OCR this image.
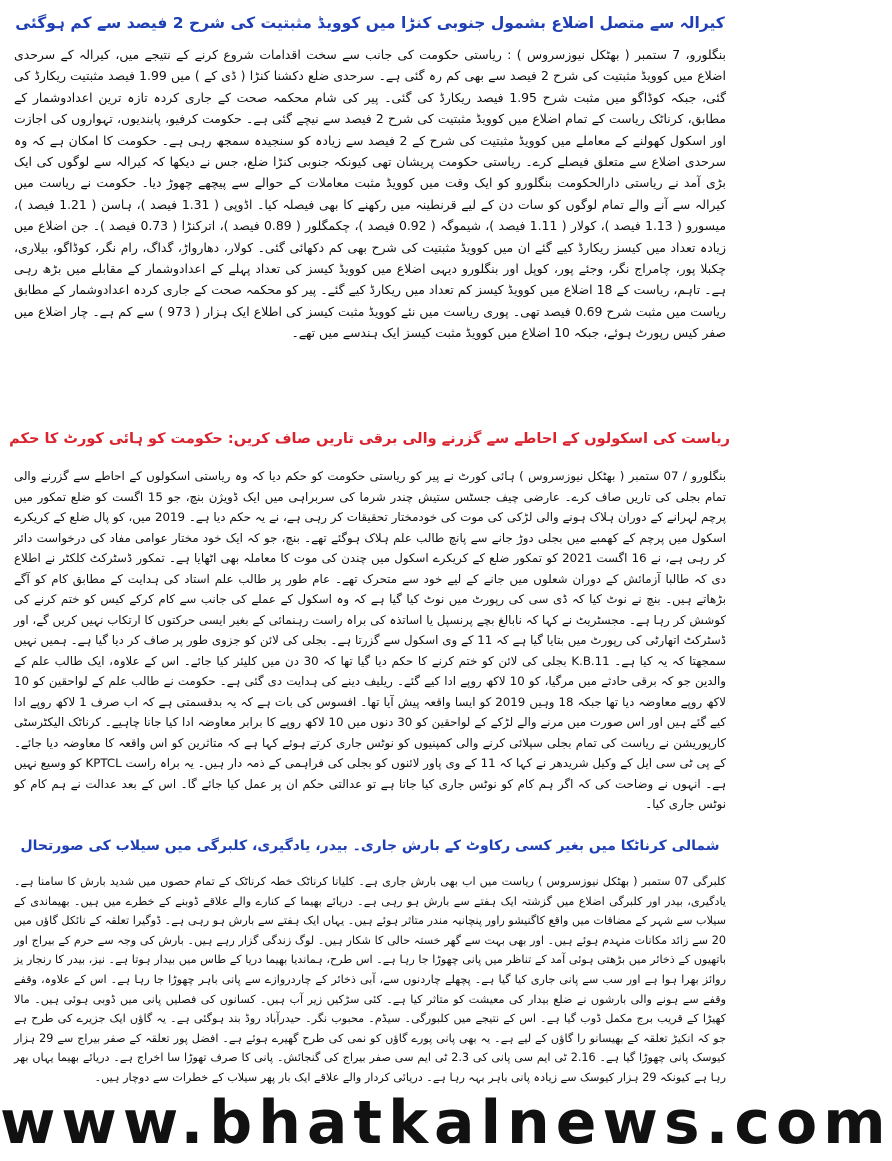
کیرالہ سے متصل اضلاع بشمول جنوبی کنڑا میں کوویڈ مثبتیت کی شرح 2 فیصد سے کم ہوگئی

بنگلورو، 7 ستمبر ( بھٹکل نیوزسروس ) : ریاستی حکومت کی جانب سے سخت اقدامات شروع کرنے کے نتیجے میں، کیرالہ کے سرحدی اضلاع میں کوویڈ مثبتیت کی شرح 2 فیصد سے بھی کم رہ گئی ہے۔ سرحدی ضلع دکشنا کنڑا ( ڈی کے ) میں 1.99 فیصد مثبتیت ریکارڈ کی گئی، جبکہ کوڈاگو میں مثبت شرح 1.95 فیصد ریکارڈ کی گئی۔ پیر کی شام محکمہ صحت کے جاری کردہ تازہ ترین اعدادوشمار کے مطابق، کرناٹک ریاست کے تمام اضلاع میں کوویڈ مثبتیت کی شرح 2 فیصد سے نیچے گئی ہے۔ حکومت کرفیو، پابندیوں، تہواروں کی اجازت اور اسکول کھولنے کے معاملے میں کوویڈ مثبتیت کی شرح کے 2 فیصد سے زیادہ کو سنجیدہ سمجھ رہی ہے۔ حکومت کا امکان ہے کہ وہ سرحدی اضلاع سے متعلق فیصلے کرے۔ ریاستی حکومت پریشان تھی کیونکہ جنوبی کنڑا ضلع، جس نے دیکھا کہ کیرالہ سے لوگوں کی ایک بڑی آمد نے ریاستی دارالحکومت بنگلورو کو ایک وقت میں کوویڈ مثبت معاملات کے حوالے سے پیچھے چھوڑ دیا۔ حکومت نے ریاست میں کیرالہ سے آنے والے تمام لوگوں کو سات دن کے لیے قرنطینہ میں رکھنے کا بھی فیصلہ کیا۔ اڈوپی ( 1.31 فیصد )، ہاسن ( 1.21 فیصد )، میسورو ( 1.13 فیصد )، کولار ( 1.11 فیصد )، شیموگہ ( 0.92 فیصد )، چکمگلور ( 0.89 فیصد )، اترکنڑا ( 0.73 فیصد )۔ جن اضلاع میں زیادہ تعداد میں کیسز ریکارڈ کیے گئے ان میں کوویڈ مثبتیت کی شرح بھی کم دکھائی گئی۔ کولار، دھارواڑ، گداگ، رام نگر، کوڈاگو، بیلاری، چکبلا پور، چامراج نگر، وجئے پور، کوپل اور بنگلورو دیہی اضلاع میں کوویڈ کیسز کی تعداد پہلے کے اعدادوشمار کے مقابلے میں بڑھ رہی ہے۔ تاہم، ریاست کے 18 اضلاع میں کوویڈ کیسز کم تعداد میں ریکارڈ کیے گئے۔ پیر کو محکمہ صحت کے جاری کردہ اعدادوشمار کے مطابق ریاست میں مثبت شرح 0.69 فیصد تھی۔ پوری ریاست میں نئے کوویڈ مثبت کیسز کی اطلاع ایک ہزار ( 973 ) سے کم ہے۔ چار اضلاع میں صفر کیس رپورٹ ہوئے، جبکہ 10 اضلاع میں کوویڈ مثبت کیسز ایک ہندسے میں تھے۔

ریاست کی اسکولوں کے احاطے سے گزرنے والی برقی تاریں صاف کریں: حکومت کو ہائی کورٹ کا حکم

بنگلورو / 07 ستمبر ( بھٹکل نیوزسروس ) ہائی کورٹ نے پیر کو ریاستی حکومت کو حکم دیا کہ وہ ریاستی اسکولوں کے احاطے سے گزرنے والی تمام بجلی کی تاریں صاف کرے۔ عارضی چیف جسٹس ستیش چندر شرما کی سربراہی میں ایک ڈویژن بنچ، جو 15 اگست کو ضلع تمکور میں پرچم لہرانے کے دوران ہلاک ہونے والی لڑکی کی موت کی خودمختار تحقیقات کر رہی ہے، نے یہ حکم دیا ہے۔ 2019 میں، کو پال ضلع کے کریکرے اسکول میں پرچم کے کھمبے میں بجلی دوڑ جانے سے پانچ طالب علم ہلاک ہوگئے تھے۔ بنچ، جو کہ ایک خود مختار عوامی مفاد کی درخواست دائر کر رہی ہے، نے 16 اگست 2021 کو تمکور ضلع کے کریکرے اسکول میں چندن کی موت کا معاملہ بھی اٹھایا ہے۔ تمکور ڈسٹرکٹ کلکٹر نے اطلاع دی کہ طالبا آزمائش کے دوران شعلوں میں جانے کے لیے خود سے متحرک تھے۔ عام طور پر طالب علم استاد کی ہدایت کے مطابق کام کو آگے بڑھاتے ہیں۔ بنچ نے نوٹ کیا کہ ڈی سی کی رپورٹ میں نوٹ کیا گیا ہے کہ وہ اسکول کے عملے کی جانب سے کام کرکے کیس کو ختم کرنے کی کوشش کر رہا ہے۔ مجسٹریٹ نے کہا کہ نابالغ بچے پرنسپل یا اساتذہ کی براہ راست رہنمائی کے بغیر ایسی حرکتوں کا ارتکاب نہیں کریں گے، اور ڈسٹرکٹ اتھارٹی کی رپورٹ میں بتایا گیا ہے کہ 11 کے وی اسکول سے گزرتا ہے۔ بجلی کی لائن کو جزوی طور پر صاف کر دیا گیا ہے۔ ہمیں نہیں سمجھتا کہ یہ کیا ہے۔ K.B.11 بجلی کی لائن کو ختم کرنے کا حکم دیا گیا تھا کہ 30 دن میں کلیئر کیا جائے۔ اس کے علاوہ، ایک طالب علم کے والدین جو کہ برقی حادثے میں مرگیا، کو 10 لاکھ روپے ادا کیے گئے۔ ریلیف دینے کی ہدایت دی گئی ہے۔ حکومت نے طالب علم کے لواحقین کو 10 لاکھ روپے معاوضہ دیا تھا جبکہ 18 وہیں 2019 کو ایسا واقعہ پیش آیا تھا۔ افسوس کی بات ہے کہ یہ بدقسمتی ہے کہ اب صرف 1 لاکھ روپے ادا کیے گئے ہیں اور اس صورت میں مرنے والے لڑکے کے لواحقین کو 30 دنوں میں 10 لاکھ روپے کا برابر معاوضہ ادا کیا جانا چاہیے۔ کرناٹک الیکٹرسٹی کارپوریشن نے ریاست کی تمام بجلی سپلائی کرنے والی کمپنیوں کو نوٹس جاری کرتے ہوئے کہا ہے کہ متاثرین کو اس واقعہ کا معاوضہ دیا جائے۔ کے پی ٹی سی ایل کے وکیل شریدھر نے کہا کہ 11 کے وی پاور لائنوں کو بجلی کی فراہمی کے ذمہ دار ہیں۔ یہ براہ راست KPTCL کو وسیع نہیں ہے۔ انہوں نے وضاحت کی کہ اگر ہم کام کو نوٹس جاری کیا جاتا ہے تو عدالتی حکم ان پر عمل کیا جائے گا۔ اس کے بعد عدالت نے ہم کام کو نوٹس جاری کیا۔

شمالی کرناٹکا میں بغیر کسی رکاوٹ کے بارش جاری۔ بیدر، یادگیری، کلبرگی میں سیلاب کی صورتحال

کلبرگی 07 ستمبر ( بھٹکل نیوزسروس ) ریاست میں اب بھی بارش جاری ہے۔ کلیانا کرناٹک خطہ کرناٹک کے تمام حصوں میں شدید بارش کا سامنا ہے۔ یادگیری، بیدر اور کلبرگی اضلاع میں گزشتہ ایک ہفتے سے بارش ہو رہی ہے۔ دریائے بھیما کے کنارے والے علاقے ڈوبنے کے خطرے میں ہیں۔ بھیماندی کے سیلاب سے شہر کے مضافات میں واقع کاگنیشو راور پنچانیہ مندر متاثر ہوئے ہیں۔ یہاں ایک ہفتے سے بارش ہو رہی ہے۔ ڈوگیرا تعلقہ کے نائکل گاؤں میں 20 سے زائد مکانات منہدم ہوئے ہیں۔ اور بھی بہت سے گھر خستہ حالی کا شکار ہیں۔ لوگ زندگی گزار رہے ہیں۔ بارش کی وجہ سے حرم کے بیراج اور باتھیوں کے ذخائر میں بڑھتی ہوئی آمد کے تناظر میں پانی چھوڑا جا رہا ہے۔ اس طرح، ہماندیا بھیما دریا کے طاس میں بیدار ہوتا ہے۔ نیز، بیدر کا رنجار یز روائز بھرا ہوا ہے اور سب سے پانی جاری کیا گیا ہے۔ پچھلے چاردنوں سے، آبی ذخائر کے چاردروازے سے پانی باہر چھوڑا جا رہا ہے۔ اس کے علاوہ، وقفے وقفے سے ہونے والی بارشوں نے ضلع بیدار کی معیشت کو متاثر کیا ہے۔ کئی سڑکیں زیر آب ہیں۔ کسانوں کی فصلیں پانی میں ڈوبی ہوئی ہیں۔ مالا کھیڑا کے قریب برج مکمل ڈوب گیا ہے۔ اس کے نتیجے میں کلبورگی۔ سیڈم۔ محبوب نگر۔ حیدرآباد روڈ بند ہوگئی ہے۔ یہ گاؤں ایک جزیرے کی طرح ہے جو کہ انکیڑ تعلقہ کے بھیسانو را گاؤں کے لیے ہے۔ یہ بھی پانی پورے گاؤں کو نمی کی طرح گھیرے ہوئے ہے۔ افضل پور تعلقہ کے صفر بیراج سے 29 ہزار کیوسک پانی چھوڑا گیا ہے۔ 2.16 ٹی ایم سی پانی کی 2.3 ٹی ایم سی صفر بیراج کی گنجائش۔ پانی کا صرف تھوڑا سا اخراج ہے۔ دریائے بھیما یہاں بھر رہا ہے کیونکہ 29 ہزار کیوسک سے زیادہ پانی باہر بہہ رہا ہے۔ دریائی کردار والے علاقے ایک بار پھر سیلاب کے خطرات سے دوچار ہیں۔

www.bhatkalnews.com
